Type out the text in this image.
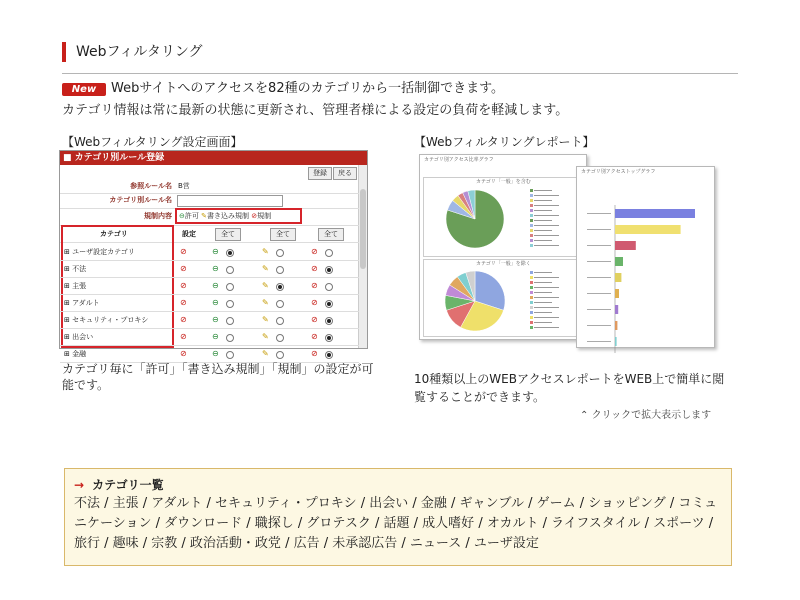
Webフィルタリング
New	Webサイトへのアクセスを82種のカテゴリから一括制御できます。
カテゴリ情報は常に最新の状態に更新され、管理者様による設定の負荷を軽減します。
【Webフィルタリング設定画面】	【Webフィルタリングレポート】
■ カテゴリ別ルール登録
登録	戻る
参照ルール名 B営
カテゴリ別ルール名
規制内容 ⊖許可 ✎書き込み規制 ⊘規制
カテゴリ	設定	全て	全て	全て
⊞ ユーザ設定カテゴリ	⊘	⊖	✎	⊘
⊞ 不法	⊘	⊖	✎	⊘
⊞ 主張	⊘	⊖	✎	⊘
⊞ アダルト	⊘	⊖	✎	⊘
⊞ セキュリティ・プロキシ	⊘	⊖	✎	⊘
⊞ 出会い	⊘	⊖	✎	⊘
⊞ 金融	⊘	⊖	✎	⊘
カテゴリ別アクセス比率グラフ
カテゴリ「一般」を含む
カテゴリ「一般」を除く
カテゴリ別アクセストップグラフ
カテゴリ毎に「許可」「書き込み規制」「規制」の設定が可能です。	10種類以上のWEBアクセスレポートをWEB上で簡単に閲覧することができます。
⌃ クリックで拡大表示します
→ カテゴリ一覧
不法 / 主張 / アダルト / セキュリティ・プロキシ / 出会い / 金融 / ギャンブル / ゲーム / ショッピング / コミュニケーション / ダウンロード / 職探し / グロテスク / 話題 / 成人嗜好 / オカルト / ライフスタイル / スポーツ / 旅行 / 趣味 / 宗教 / 政治活動・政党 / 広告 / 未承認広告 / ニュース / ユーザ設定
